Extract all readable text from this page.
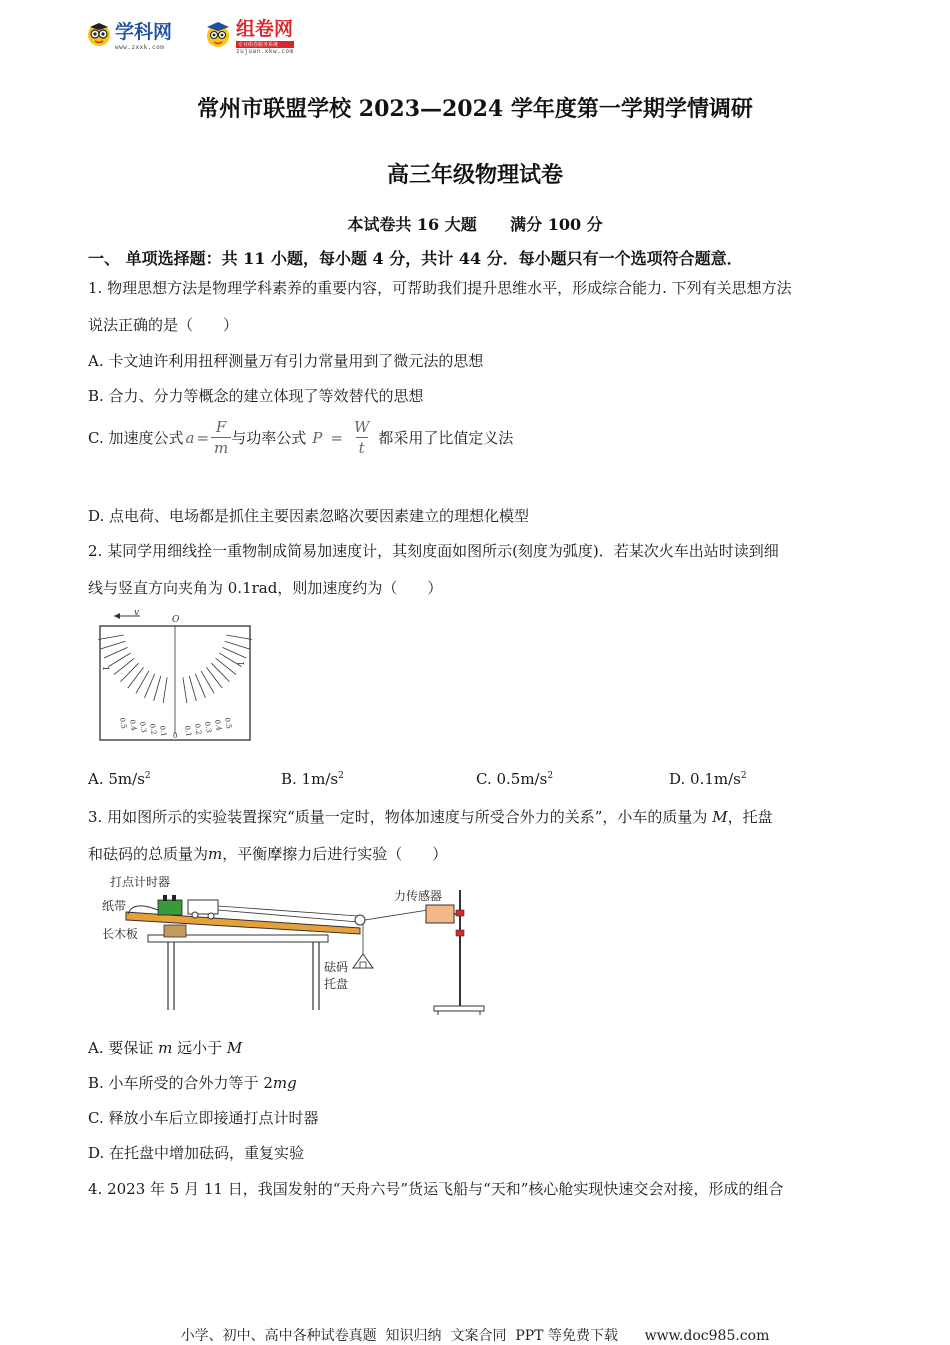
学科网
www.zxxk.com
组卷网
专业组卷服务系统
zujuan.xkw.com
常州市联盟学校 2023—2024 学年度第一学期学情调研
高三年级物理试卷
本试卷共 16 大题      满分 100 分
一、 单项选择题：共 11 小题，每小题 4 分，共计 44 分．每小题只有一个选项符合题意．
1. 物理思想方法是物理学科素养的重要内容，可帮助我们提升思维水平，形成综合能力. 下列有关思想方法
说法正确的是（　　）
A. 卡文迪许利用扭秤测量万有引力常量用到了微元法的思想
B. 合力、分力等概念的建立体现了等效替代的思想
C. 加速度公式 $a = \frac{F}{m}$ 与功率公式 $P = \frac{W}{t}$ 都采用了比值定义法
D. 点电荷、电场都是抓住主要因素忽略次要因素建立的理想化模型
2. 某同学用细线拴一重物制成简易加速度计，其刻度面如图所示(刻度为弧度)．若某次火车出站时读到细
线与竖直方向夹角为 0.1rad，则加速度约为（　　）
v
O
1
1
0.5 0.4 0.3 0.2 0.1 0 0.1 0.2 0.3 0.4 0.5
A. $5m/s^2$	B. $1m/s^2$	C. $0.5m/s^2$	D. $0.1m/s^2$
3. 用如图所示的实验装置探究“质量一定时，物体加速度与所受合外力的关系”，小车的质量为 M，托盘
和砝码的总质量为m，平衡摩擦力后进行实验（　　）
打点计时器
纸带
长木板
力传感器
砝码
托盘
A. 要保证 m 远小于 M
B. 小车所受的合外力等于 2mg
C. 释放小车后立即接通打点计时器
D. 在托盘中增加砝码，重复实验
4. 2023 年 5 月 11 日，我国发射的“天舟六号”货运飞船与“天和”核心舱实现快速交会对接，形成的组合
小学、初中、高中各种试卷真题  知识归纳  文案合同  PPT 等免费下载      www.doc985.com
